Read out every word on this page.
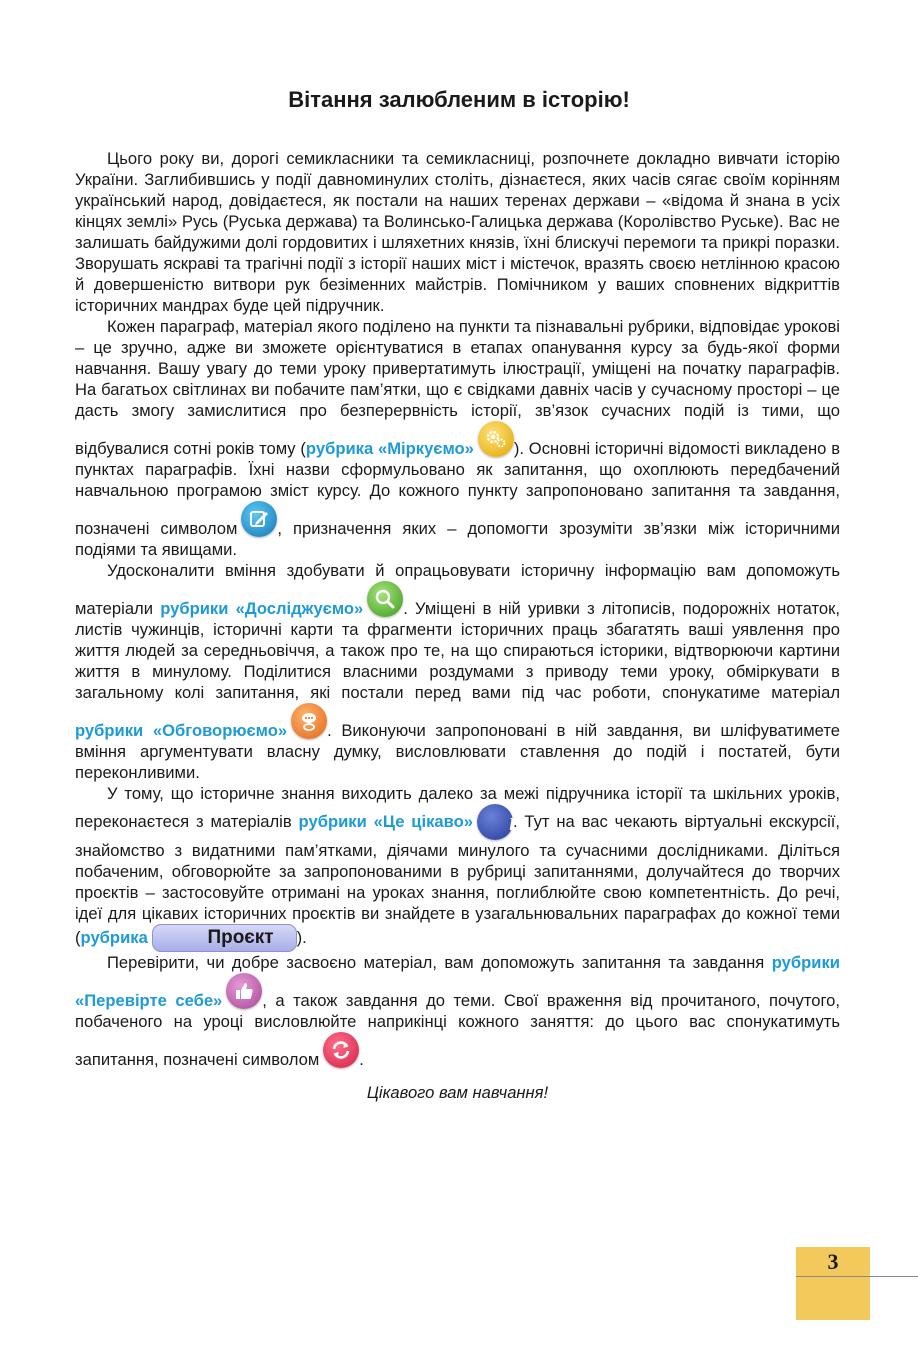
Вітання залюбленим в історію!

Цього року ви, дорогі семикласники та семикласниці, розпочнете докладно вивчати історію України. Заглибившись у події давноминулих століть, дізнаєтеся, яких часів сягає своїм корінням український народ, довідаєтеся, як постали на наших теренах держави – «відома й знана в усіх кінцях землі» Русь (Руська держава) та Волинсько-Галицька держава (Королівство Руське). Вас не залишать байдужими долі гордовитих і шляхетних князів, їхні блискучі перемоги та прикрі поразки. Зворушать яскраві та трагічні події з історії наших міст і містечок, вразять своєю нетлінною красою й довершеністю витвори рук безіменних майстрів. Помічником у ваших сповнених відкриттів історичних мандрах буде цей підручник.

Кожен параграф, матеріал якого поділено на пункти та пізнавальні рубрики, відповідає урокові – це зручно, адже ви зможете орієнтуватися в етапах опанування курсу за будь-якої форми навчання. Вашу увагу до теми уроку привертатимуть ілюстрації, уміщені на початку параграфів. На багатьох світлинах ви побачите пам’ятки, що є свідками давніх часів у сучасному просторі – це дасть змогу замислитися про безперервність історії, зв’язок сучасних подій із тими, що відбувалися сотні років тому (рубрика «Міркуємо» ). Основні історичні відомості викладено в пунктах параграфів. Їхні назви сформульовано як запитання, що охоплюють передбачений навчальною програмою зміст курсу. До кожного пункту запропоновано запитання та завдання, позначені символом , призначення яких – допомогти зрозуміти зв’язки між історичними подіями та явищами.

Удосконалити вміння здобувати й опрацьовувати історичну інформацію вам допоможуть матеріали рубрики «Досліджуємо» . Уміщені в ній уривки з літописів, подорожніх нотаток, листів чужинців, історичні карти та фрагменти історичних праць збагатять ваші уявлення про життя людей за середньовіччя, а також про те, на що спираються історики, відтворюючи картини життя в минулому. Поділитися власними роздумами з приводу теми уроку, обміркувати в загальному колі запитання, які постали перед вами під час роботи, спонукатиме матеріал рубрики «Обговорюємо» . Виконуючи запропоновані в ній завдання, ви шліфуватимете вміння аргументувати власну думку, висловлювати ставлення до подій і постатей, бути переконливими.

У тому, що історичне знання виходить далеко за межі підручника історії та шкільних уроків, переконаєтеся з матеріалів рубрики «Це цікаво» i. Тут на вас чекають віртуальні екскурсії, знайомство з видатними пам’ятками, діячами минулого та сучасними дослідниками. Діліться побаченим, обговорюйте за запропонованими в рубриці запитаннями, долучайтеся до творчих проєктів – застосовуйте отримані на уроках знання, поглиблюйте свою компетентність. До речі, ідеї для цікавих історичних проєктів ви знайдете в узагальнювальних параграфах до кожної теми (рубрика	Проєкт ).

Перевірити, чи добре засвоєно матеріал, вам допоможуть запитання та завдання рубрики «Перевірте себе» , а також завдання до теми. Свої враження від прочитаного, почутого, побаченого на уроці висловлюйте наприкінці кожного заняття: до цього вас спонукатимуть запитання, позначені символом .

Цікавого вам навчання!

3
